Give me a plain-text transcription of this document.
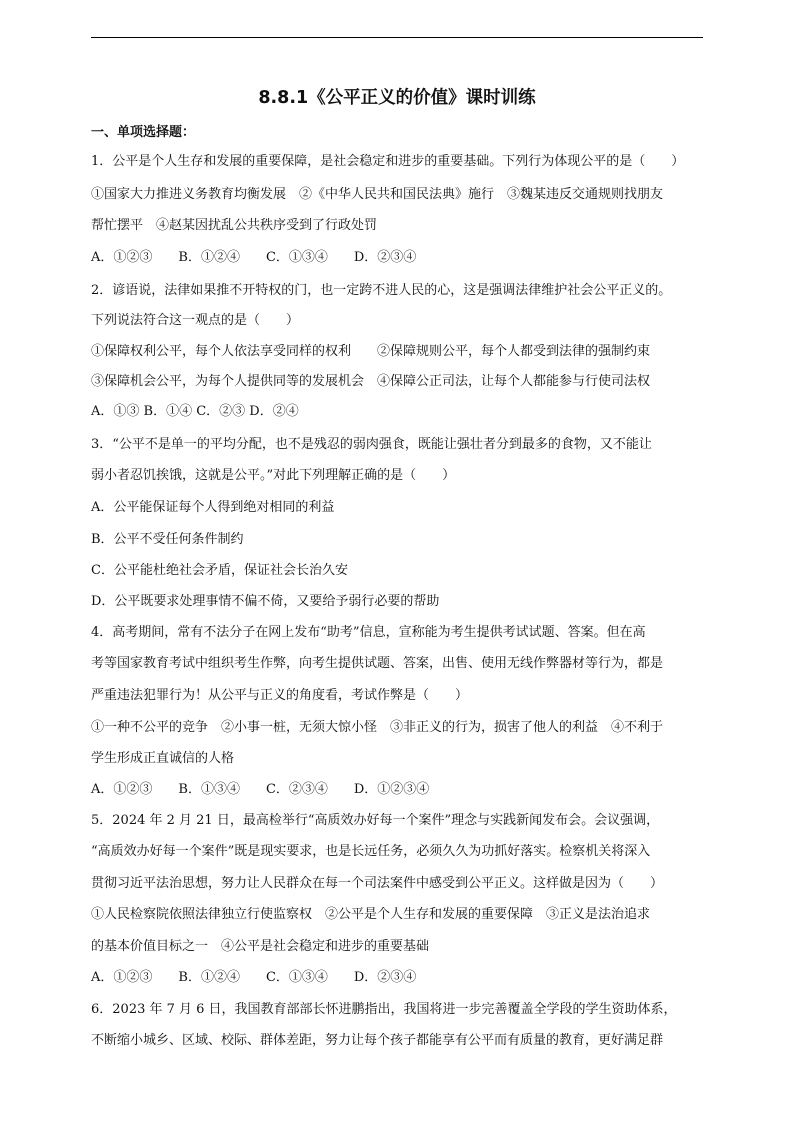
8.8.1《公平正义的价值》课时训练
一、单项选择题：
1．公平是个人生存和发展的重要保障，是社会稳定和进步的重要基础。下列行为体现公平的是（　　）
①国家大力推进义务教育均衡发展　②《中华人民共和国民法典》施行　③魏某违反交通规则找朋友
帮忙摆平　④赵某因扰乱公共秩序受到了行政处罚
A．①②③　　B．①②④　　C．①③④　　D．②③④
2．谚语说，法律如果推不开特权的门，也一定跨不进人民的心，这是强调法律维护社会公平正义的。
下列说法符合这一观点的是（　　）
①保障权利公平，每个人依法享受同样的权利　　②保障规则公平，每个人都受到法律的强制约束
③保障机会公平，为每个人提供同等的发展机会　④保障公正司法，让每个人都能参与行使司法权
A．①③ B．①④ C．②③ D．②④
3．“公平不是单一的平均分配，也不是残忍的弱肉强食，既能让强壮者分到最多的食物，又不能让
弱小者忍饥挨饿，这就是公平。”对此下列理解正确的是（　　）
A．公平能保证每个人得到绝对相同的利益
B．公平不受任何条件制约
C．公平能杜绝社会矛盾，保证社会长治久安
D．公平既要求处理事情不偏不倚，又要给予弱行必要的帮助
4．高考期间，常有不法分子在网上发布“助考”信息，宣称能为考生提供考试试题、答案。但在高
考等国家教育考试中组织考生作弊，向考生提供试题、答案，出售、使用无线作弊器材等行为，都是
严重违法犯罪行为！从公平与正义的角度看，考试作弊是（　　）
①一种不公平的竞争　②小事一桩，无须大惊小怪　③非正义的行为，损害了他人的利益　④不利于
学生形成正直诚信的人格
A．①②③　　B．①③④　　C．②③④　　D．①②③④
5．2024 年 2 月 21 日，最高检举行“高质效办好每一个案件”理念与实践新闻发布会。会议强调，
“高质效办好每一个案件”既是现实要求，也是长远任务，必须久久为功抓好落实。检察机关将深入
贯彻习近平法治思想，努力让人民群众在每一个司法案件中感受到公平正义。这样做是因为（　　）
①人民检察院依照法律独立行使监察权　②公平是个人生存和发展的重要保障　③正义是法治追求
的基本价值目标之一　④公平是社会稳定和进步的重要基础
A．①②③　　B．①②④　　C．①③④　　D．②③④
6．2023 年 7 月 6 日，我国教育部部长怀进鹏指出，我国将进一步完善覆盖全学段的学生资助体系，
不断缩小城乡、区域、校际、群体差距，努力让每个孩子都能享有公平而有质量的教育，更好满足群
